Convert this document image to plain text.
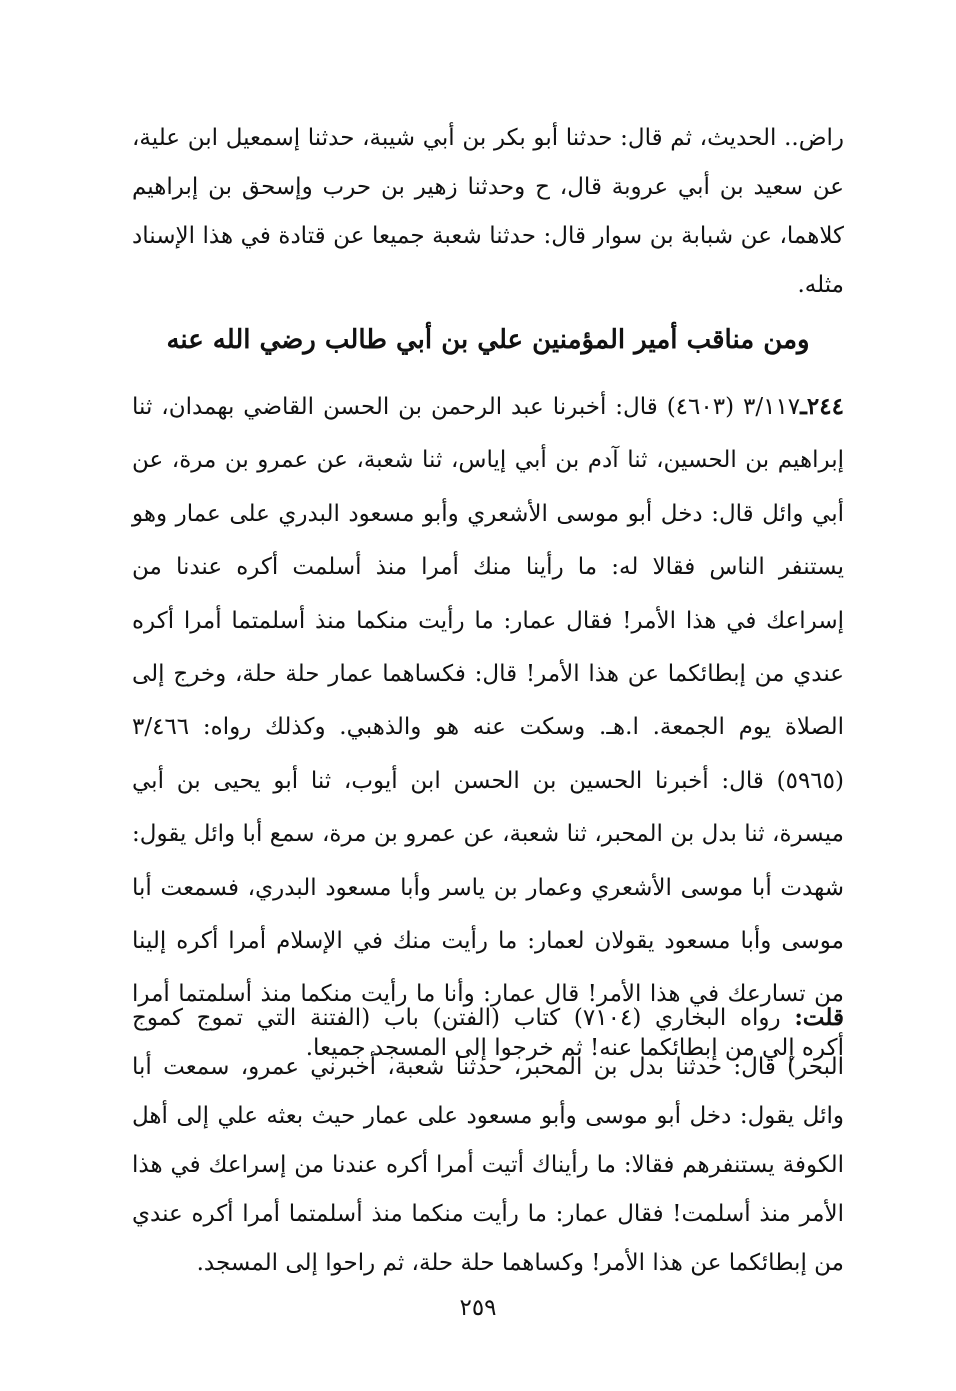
راض.. الحديث، ثم قال: حدثنا أبو بكر بن أبي شيبة، حدثنا إسمعيل ابن علية، عن سعيد بن أبي عروبة قال، ح وحدثنا زهير بن حرب وإسحق بن إبراهيم كلاهما، عن شبابة بن سوار قال: حدثنا شعبة جميعا عن قتادة في هذا الإسناد مثله.

ومن مناقب أمير المؤمنين علي بن أبي طالب رضي الله عنه

٢٤٤ـ٣/١١٧ (٤٦٠٣) قال: أخبرنا عبد الرحمن بن الحسن القاضي بهمدان، ثنا إبراهيم بن الحسين، ثنا آدم بن أبي إياس، ثنا شعبة، عن عمرو بن مرة، عن أبي وائل قال: دخل أبو موسى الأشعري وأبو مسعود البدري على عمار وهو يستنفر الناس فقالا له: ما رأينا منك أمرا منذ أسلمت أكره عندنا من إسراعك في هذا الأمر! فقال عمار: ما رأيت منكما منذ أسلمتما أمرا أكره عندي من إبطائكما عن هذا الأمر! قال: فكساهما عمار حلة حلة، وخرج إلى الصلاة يوم الجمعة. ا.هـ. وسكت عنه هو والذهبي. وكذلك رواه: ٣/٤٦٦ (٥٩٦٥) قال: أخبرنا الحسين بن الحسن ابن أيوب، ثنا أبو يحيى بن أبي ميسرة، ثنا بدل بن المحبر، ثنا شعبة، عن عمرو بن مرة، سمع أبا وائل يقول: شهدت أبا موسى الأشعري وعمار بن ياسر وأبا مسعود البدري، فسمعت أبا موسى وأبا مسعود يقولان لعمار: ما رأيت منك في الإسلام أمرا أكره إلينا من تسارعك في هذا الأمر! قال عمار: وأنا ما رأيت منكما منذ أسلمتما أمرا أكره إلي من إبطائكما عنه! ثم خرجوا إلى المسجد جميعا.

قلت: رواه البخاري (٧١٠٤) كتاب (الفتن) باب (الفتنة التي تموج كموج البحر) قال: حدثنا بدل بن المحبر، حدثنا شعبة، أخبرني عمرو، سمعت أبا وائل يقول: دخل أبو موسى وأبو مسعود على عمار حيث بعثه علي إلى أهل الكوفة يستنفرهم فقالا: ما رأيناك أتيت أمرا أكره عندنا من إسراعك في هذا الأمر منذ أسلمت! فقال عمار: ما رأيت منكما منذ أسلمتما أمرا أكره عندي من إبطائكما عن هذا الأمر! وكساهما حلة حلة، ثم راحوا إلى المسجد.

٢٥٩
